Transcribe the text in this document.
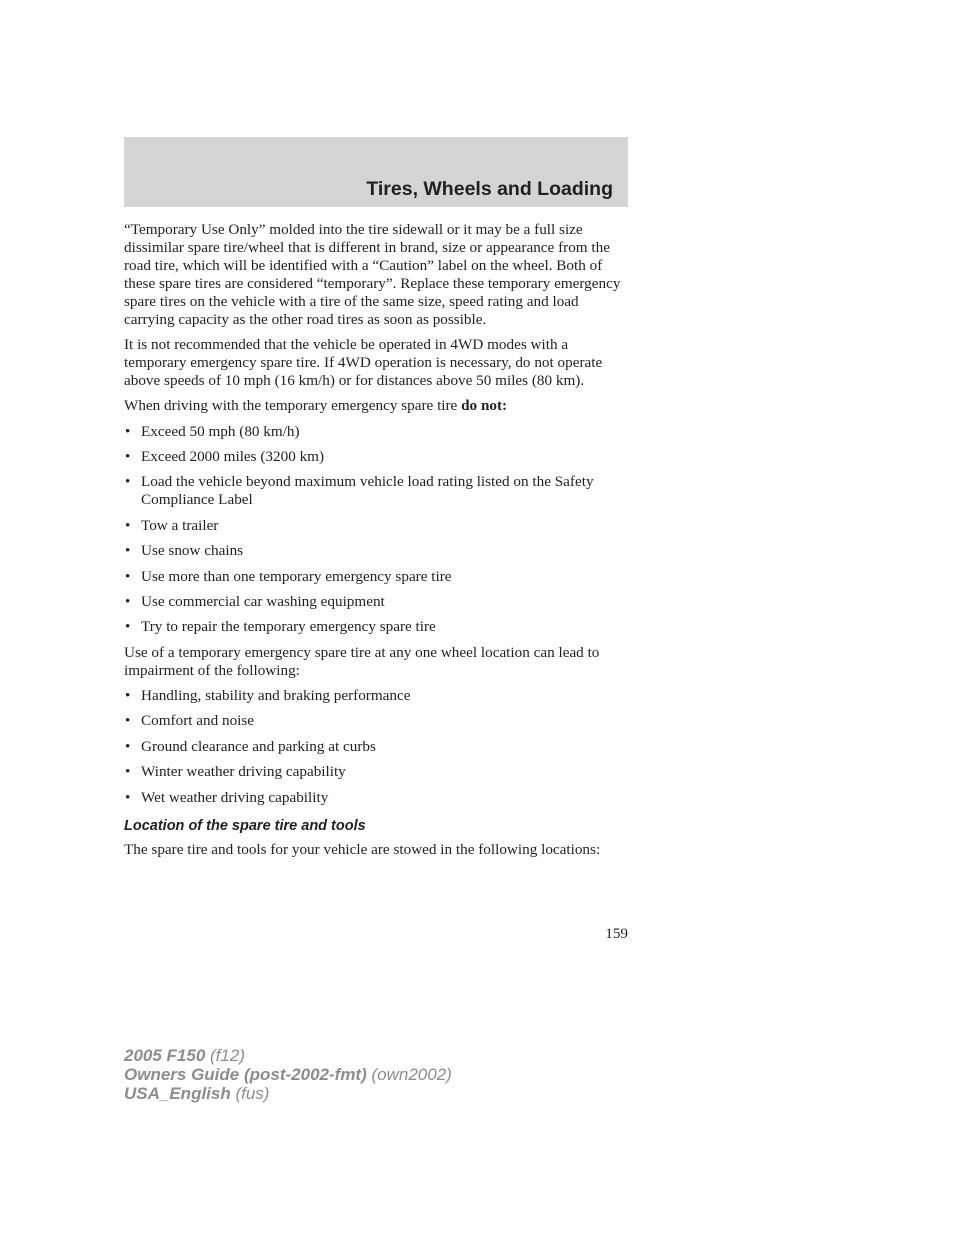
Tires, Wheels and Loading

“Temporary Use Only” molded into the tire sidewall or it may be a full size dissimilar spare tire/wheel that is different in brand, size or appearance from the road tire, which will be identified with a “Caution” label on the wheel. Both of these spare tires are considered “temporary”. Replace these temporary emergency spare tires on the vehicle with a tire of the same size, speed rating and load carrying capacity as the other road tires as soon as possible.

It is not recommended that the vehicle be operated in 4WD modes with a temporary emergency spare tire. If 4WD operation is necessary, do not operate above speeds of 10 mph (16 km/h) or for distances above 50 miles (80 km).

When driving with the temporary emergency spare tire do not:

• Exceed 50 mph (80 km/h)
• Exceed 2000 miles (3200 km)
• Load the vehicle beyond maximum vehicle load rating listed on the Safety Compliance Label
• Tow a trailer
• Use snow chains
• Use more than one temporary emergency spare tire
• Use commercial car washing equipment
• Try to repair the temporary emergency spare tire

Use of a temporary emergency spare tire at any one wheel location can lead to impairment of the following:

• Handling, stability and braking performance
• Comfort and noise
• Ground clearance and parking at curbs
• Winter weather driving capability
• Wet weather driving capability
Location of the spare tire and tools

The spare tire and tools for your vehicle are stowed in the following locations:

159
2005 F150 (f12)
Owners Guide (post-2002-fmt) (own2002)
USA_English (fus)
